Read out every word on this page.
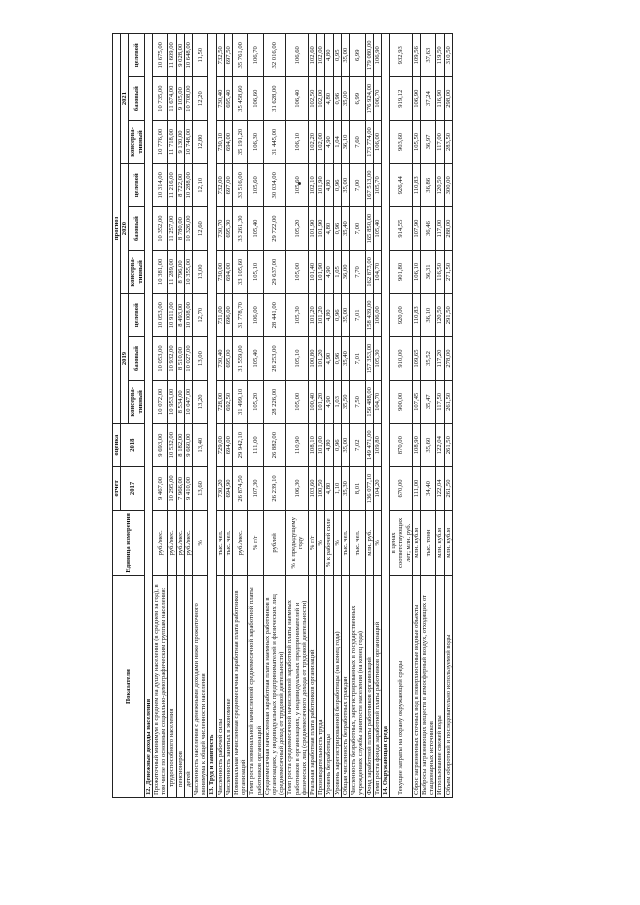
Показатели	Единица измерения	отчет	оценка	прогноз								
		2017	2018	2019			2020			2021		
				консерва-тивный	базовый	целевой	консерва-тивный	базовый	целевой	консерва-тивный	базовый	целевой
12. Денежные доходы населения												
Прожиточный минимум в среднем на душу населения (в среднем за год), в том числе по основным социально-демографическим группам населения:	руб./мес.	9 467,00	9 693,00	10 072,00	10 053,00	10 053,00	10 381,00	10 352,00	10 314,00	10 776,00	10 735,00	10 675,00
трудоспособного населения	руб./мес.	10 295,00	10 532,00	10 953,00	10 932,00	10 911,00	11 289,00	11 257,00	11 216,00	11 718,00	11 674,00	11 609,00
пенсионеров	руб./мес.	7 966,00	8 182,00	8 534,00	8 510,00	8 493,00	8 796,00	8 780,00	8 722,00	9 130,00	9 105,00	9 028,00
детей	руб./мес.	9 410,00	9 660,00	10 047,00	10 027,00	10 008,00	10 355,00	10 326,00	10 288,00	10 748,00	10 708,00	10 648,00
Численность населения с денежными доходами ниже прожиточного минимума к общей численности населения	%	13,60	13,40	13,20	13,00	12,70	13,00	12,60	12,10	12,80	12,20	11,50
13. Труд и занятость												
Численность рабочей силы	тыс. чел.	730,20	729,00	728,00	730,40	731,00	730,00	730,70	732,00	730,10	730,40	732,50
Численность занятых в экономике	тыс. чел.	694,90	694,00	692,50	695,00	696,00	694,00	695,30	697,00	694,00	695,40	697,50
Номинальная начисленная среднемесячная заработная плата работников организаций	руб./мес.	26 874,50	29 942,10	31 499,10	31 559,00	31 778,70	33 105,60	33 261,30	33 516,00	35 191,20	35 458,60	35 761,00
Темп роста номинальной начисленной среднемесячной заработной платы работников организаций	% г/г	107,30	111,00	105,20	105,40	106,00	105,10	105,40	105,60	106,30	106,60	106,70
Среднемесячная начисленная заработная плата наемных работников в организациях, у индивидуальных предпринимателей и физических лиц (среднемесячный доход от трудовой деятельности)	рублей	26 239,10	26 882,00	28 226,00	28 253,00	28 441,00	29 637,00	29 722,00	30 034,00	31 445,00	31 628,00	32 016,00
Темп роста среднемесячной начисленной заработной платы наемных работников в организациях, у индивидуальных предпринимателей и физических лиц (среднемесячного дохода от трудовой деятельности)	% к предыдущему году	106,30	110,90	105,00	105,10	105,30	105,00	105,20	105,60	106,10	106,40	106,60
Реальная заработная плата работников организаций	% г/г	103,60	108,10	100,40	100,80	101,20	101,40	101,90	102,10	102,20	102,50	102,60
Производительность труда	%	100,50	101,00	101,20	101,20	101,20	101,90	101,90	101,90	102,00	102,00	102,00
Уровень безработицы	% к рабочей силе	4,80	4,80	4,90	4,90	4,80	4,90	4,80	4,80	4,90	4,80	4,80
Уровень зарегистрированной безработицы (на конец года)	%	1,10	0,96	1,03	0,96	0,96	1,05	0,96	0,96	1,04	0,96	0,95
Общая численность безработных граждан	тыс. чел.	35,30	35,00	35,50	35,40	35,00	36,00	35,40	35,00	36,10	35,00	35,00
Численность безработных, зарегистрированных в государственных учреждениях службы занятости населения (на конец года)	тыс. чел.	8,01	7,02	7,50	7,01	7,01	7,70	7,00	7,00	7,60	6,99	6,99
Фонд заработной платы работников организаций	млн. руб.	136 077,10	149 471,00	156 488,00	157 353,00	158 439,00	162 873,00	165 850,00	167 513,00	173 774,00	176 924,00	179 080,00
Темп роста фонда заработной платы работников организаций	%	104,20	109,80	104,70	105,30	106,00	104,70	105,40	105,70	106,00	106,70	106,90
14. Окружающая среда												
Текущие затраты на охрану окружающей среды	в ценах соответствующих лет; млн. руб.	670,00	870,00	900,00	910,00	920,00	901,80	914,55	926,44	903,60	919,12	932,93
Сброс загрязненных сточных вод в поверхностные водные объекты	млн. куб.м	111,00	108,90	107,45	109,65	110,83	106,10	107,90	110,83	105,50	106,90	109,56
Выбросы загрязняющих веществ в атмосферный воздух, отходящих от стационарных источников	тыс. тонн	34,40	35,60	35,47	35,52	36,10	36,31	36,46	36,86	36,97	37,24	37,63
Использование свежей воды	млн. куб.м	122,04	122,04	117,50	117,20	120,50	116,50	117,00	120,50	117,00	116,90	119,50
Объем оборотной и последовательно используемой воды	млн. куб.м	261,50	261,50	261,50	278,00	291,50	271,50	288,00	300,00	283,50	298,00	310,50
